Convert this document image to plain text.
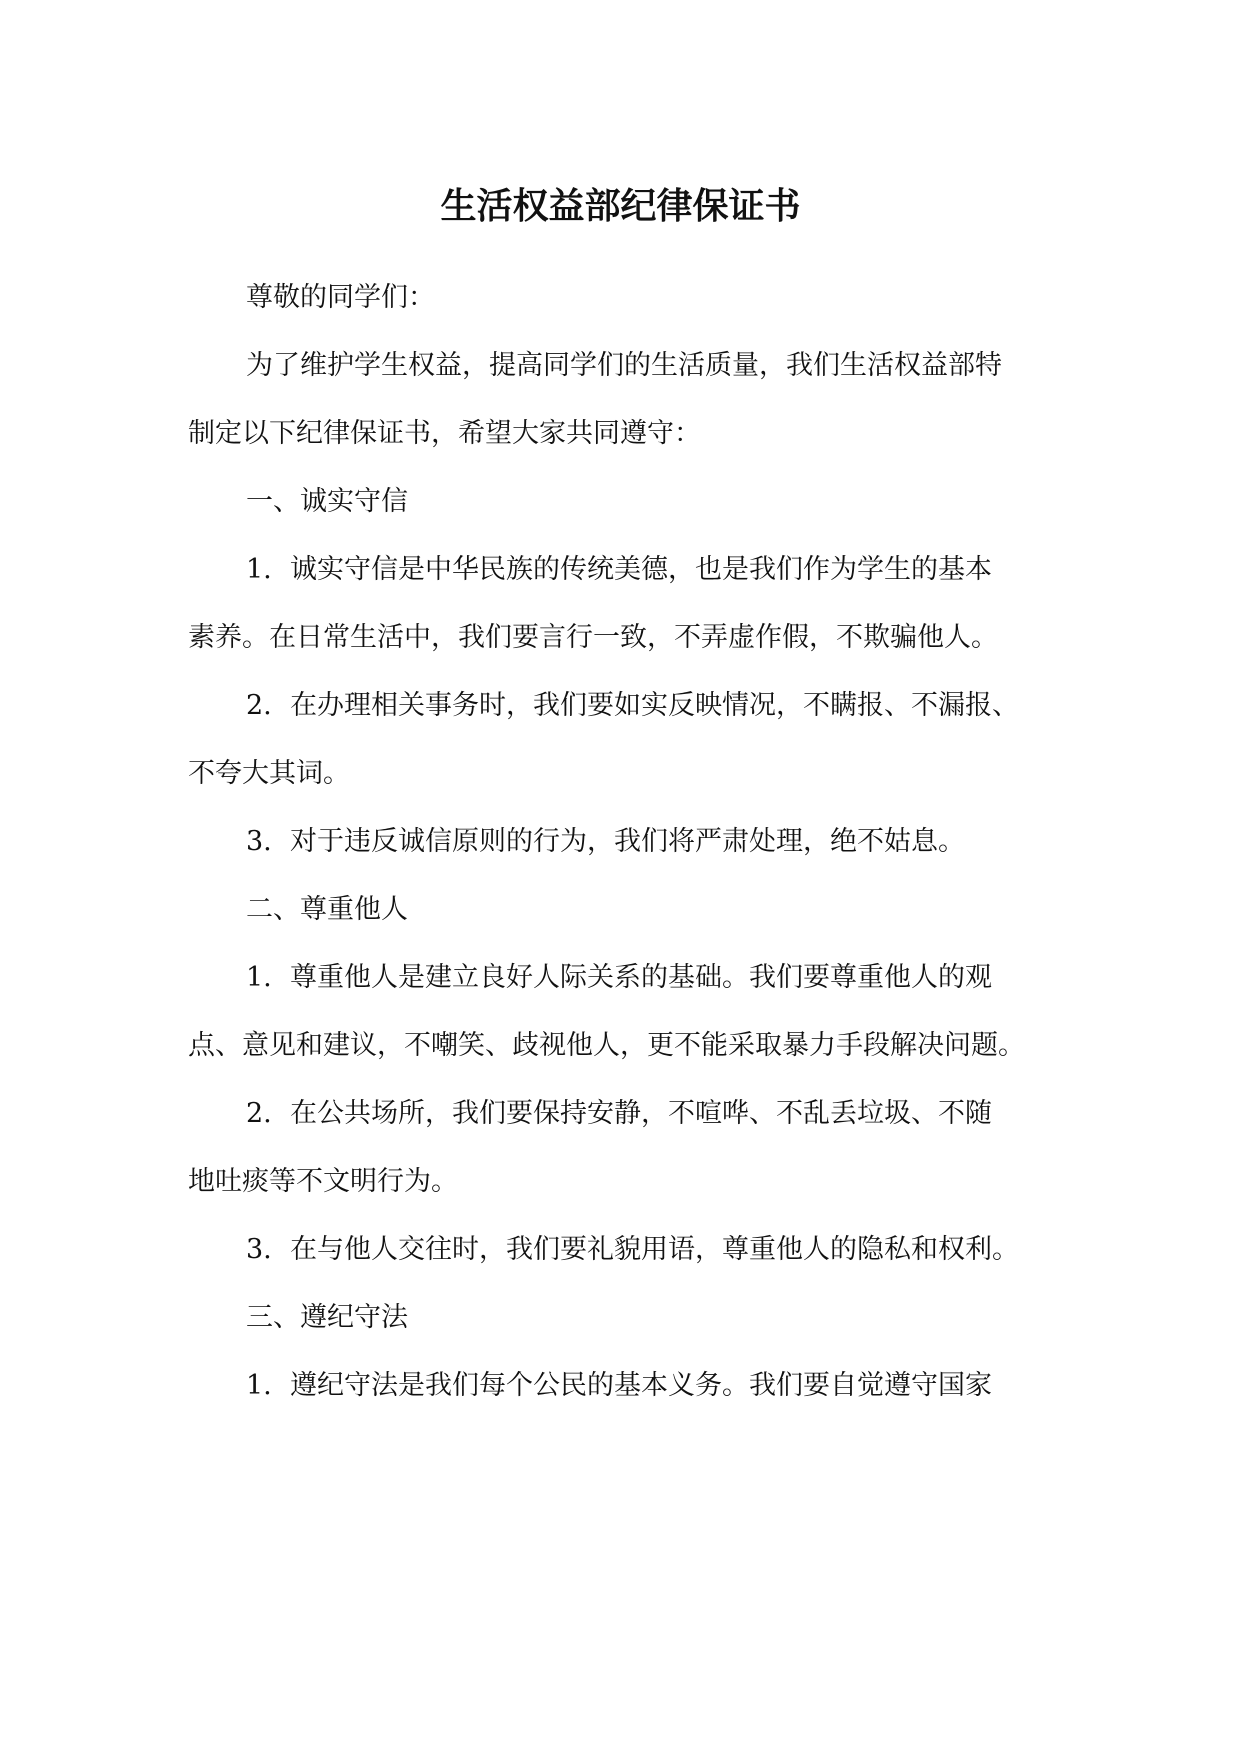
生活权益部纪律保证书

尊敬的同学们：

为了维护学生权益，提高同学们的生活质量，我们生活权益部特

制定以下纪律保证书，希望大家共同遵守：

一、诚实守信

1. 诚实守信是中华民族的传统美德，也是我们作为学生的基本

素养。在日常生活中，我们要言行一致，不弄虚作假，不欺骗他人。

2. 在办理相关事务时，我们要如实反映情况，不瞒报、不漏报、

不夸大其词。

3. 对于违反诚信原则的行为，我们将严肃处理，绝不姑息。

二、尊重他人

1. 尊重他人是建立良好人际关系的基础。我们要尊重他人的观

点、意见和建议，不嘲笑、歧视他人，更不能采取暴力手段解决问题。

2. 在公共场所，我们要保持安静，不喧哗、不乱丢垃圾、不随

地吐痰等不文明行为。

3. 在与他人交往时，我们要礼貌用语，尊重他人的隐私和权利。

三、遵纪守法

1. 遵纪守法是我们每个公民的基本义务。我们要自觉遵守国家
